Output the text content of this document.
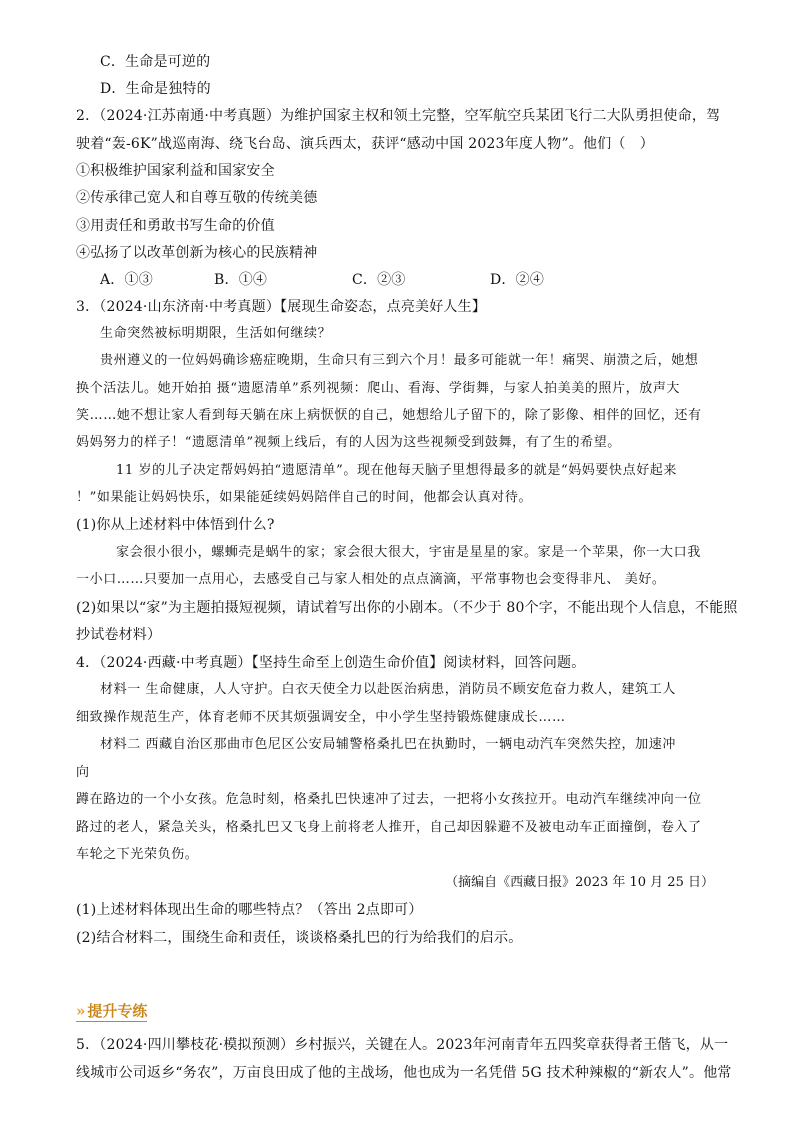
C．生命是可逆的
D．生命是独特的
2．（2024·江苏南通·中考真题）为维护国家主权和领土完整，空军航空兵某团飞行二大队勇担使命，驾
驶着“轰-6K”战巡南海、绕飞台岛、演兵西太，获评“感动中国 2023年度人物”。他们（　）
①积极维护国家利益和国家安全
②传承律己宽人和自尊互敬的传统美德
③用责任和勇敢书写生命的价值
④弘扬了以改革创新为核心的民族精神
A．①③	B．①④	C．②③	D．②④
3．（2024·山东济南·中考真题）【展现生命姿态，点亮美好人生】
生命突然被标明期限，生活如何继续？
贵州遵义的一位妈妈确诊癌症晚期，生命只有三到六个月！最多可能就一年！痛哭、崩溃之后，她想
换个活法儿。她开始拍 摄“遗愿清单”系列视频：爬山、看海、学街舞，与家人拍美美的照片，放声大
笑……她不想让家人看到每天躺在床上病恹恹的自己，她想给儿子留下的，除了影像、相伴的回忆，还有
妈妈努力的样子！“遗愿清单”视频上线后，有的人因为这些视频受到鼓舞，有了生的希望。
11 岁的儿子决定帮妈妈拍“遗愿清单”。现在他每天脑子里想得最多的就是“妈妈要快点好起来
！”如果能让妈妈快乐，如果能延续妈妈陪伴自己的时间，他都会认真对待。
(1)你从上述材料中体悟到什么?
家会很小很小，螺蛳壳是蜗牛的家；家会很大很大，宇宙是星星的家。家是一个苹果，你一大口我
一小口……只要加一点用心，去感受自己与家人相处的点点滴滴，平常事物也会变得非凡、 美好。
(2)如果以“家”为主题拍摄短视频，请试着写出你的小剧本。（不少于 80个字，不能出现个人信息，不能照
抄试卷材料）
4．（2024·西藏·中考真题）【坚持生命至上创造生命价值】阅读材料，回答问题。
材料一 生命健康，人人守护。白衣天使全力以赴医治病患，消防员不顾安危奋力救人，建筑工人
细致操作规范生产，体育老师不厌其烦强调安全，中小学生坚持锻炼健康成长……
材料二 西藏自治区那曲市色尼区公安局辅警格桑扎巴在执勤时，一辆电动汽车突然失控，加速冲
向
蹲在路边的一个小女孩。危急时刻，格桑扎巴快速冲了过去，一把将小女孩拉开。电动汽车继续冲向一位
路过的老人，紧急关头，格桑扎巴又飞身上前将老人推开，自己却因躲避不及被电动车正面撞倒，卷入了
车轮之下光荣负伤。
（摘编自《西藏日报》2023 年 10 月 25 日）
(1)上述材料体现出生命的哪些特点？（答出 2点即可）
(2)结合材料二，围绕生命和责任，谈谈格桑扎巴的行为给我们的启示。
» 提升专练
5．（2024·四川攀枝花·模拟预测）乡村振兴，关键在人。2023年河南青年五四奖章获得者王偕飞，从一
线城市公司返乡“务农”，万亩良田成了他的主战场，他也成为一名凭借 5G 技术种辣椒的“新农人”。他常
